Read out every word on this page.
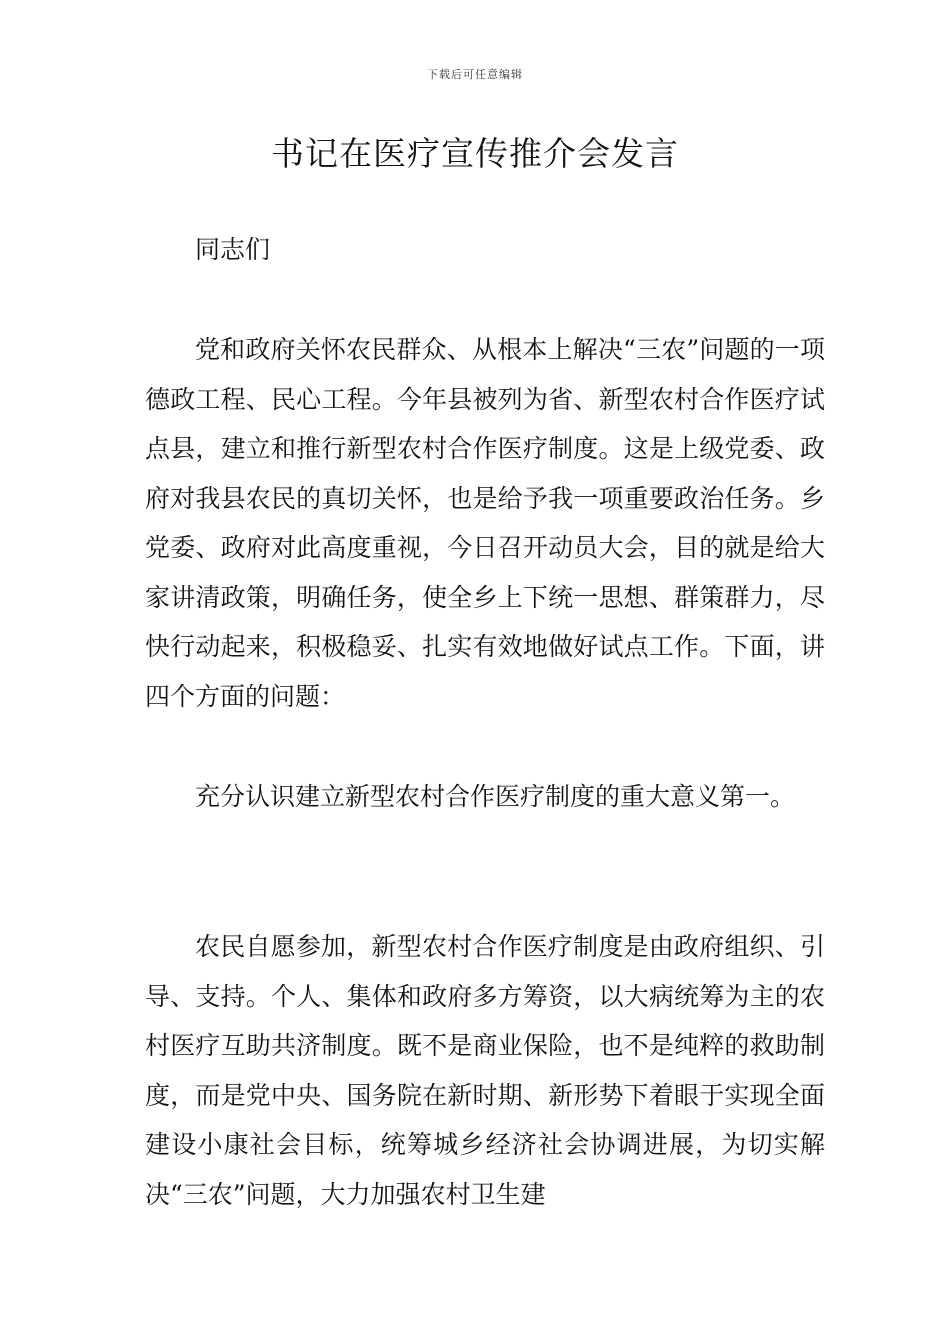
下载后可任意编辑
书记在医疗宣传推介会发言

同志们

党和政府关怀农民群众、从根本上解决“三农”问题的一项德政工程、民心工程。今年县被列为省、新型农村合作医疗试点县，建立和推行新型农村合作医疗制度。这是上级党委、政府对我县农民的真切关怀，也是给予我一项重要政治任务。乡党委、政府对此高度重视，今日召开动员大会，目的就是给大家讲清政策，明确任务，使全乡上下统一思想、群策群力，尽快行动起来，积极稳妥、扎实有效地做好试点工作。下面，讲四个方面的问题：

充分认识建立新型农村合作医疗制度的重大意义第一。

农民自愿参加，新型农村合作医疗制度是由政府组织、引导、支持。个人、集体和政府多方筹资，以大病统筹为主的农村医疗互助共济制度。既不是商业保险，也不是纯粹的救助制度，而是党中央、国务院在新时期、新形势下着眼于实现全面建设小康社会目标，统筹城乡经济社会协调进展，为切实解决“三农”问题，大力加强农村卫生建
